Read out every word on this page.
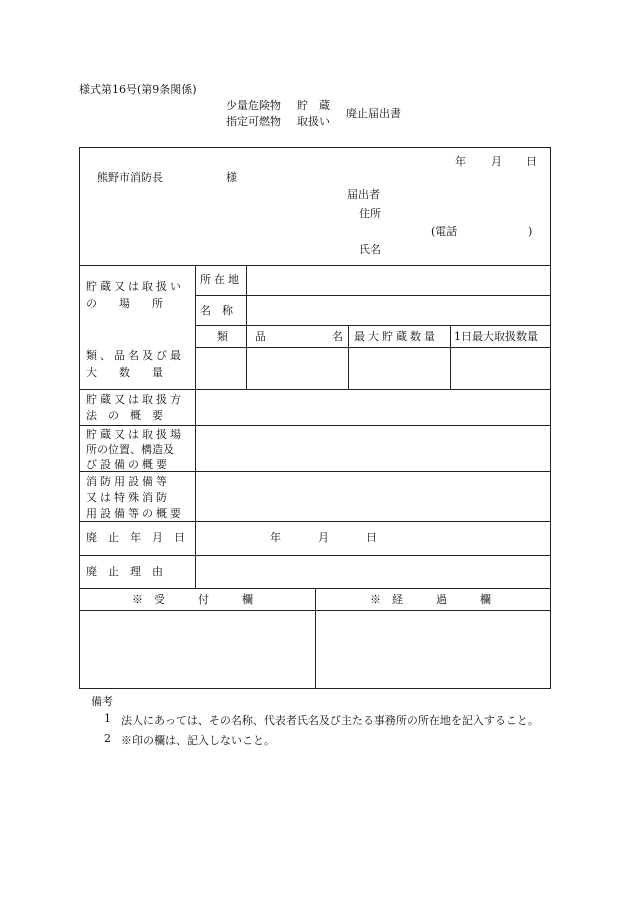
様式第16号(第9条関係)
少量危険物
指定可燃物
貯　蔵
取扱い
廃止届出書
年 月 日
熊野市消防長	様
届出者
住所
(電話	)
氏名
貯蔵又は取扱い
の　　場　　所
所在地
名　称
類 品	名 最大貯蔵数量 1日最大取扱数量
類、品名及び最
大　　数　　量
貯蔵又は取扱方
法　の　概　要
貯蔵又は取扱場
所の位置、構造及
び設備の概要
消防用設備等
又は特殊消防
用設備等の概要
廃　止　年　月　日	年	月	日
廃　止　理　由
※　受　　　付　　　欄	※　経　　　過　　　欄
備考
1 法人にあっては、その名称、代表者氏名及び主たる事務所の所在地を記入すること。
2 ※印の欄は、記入しないこと。
